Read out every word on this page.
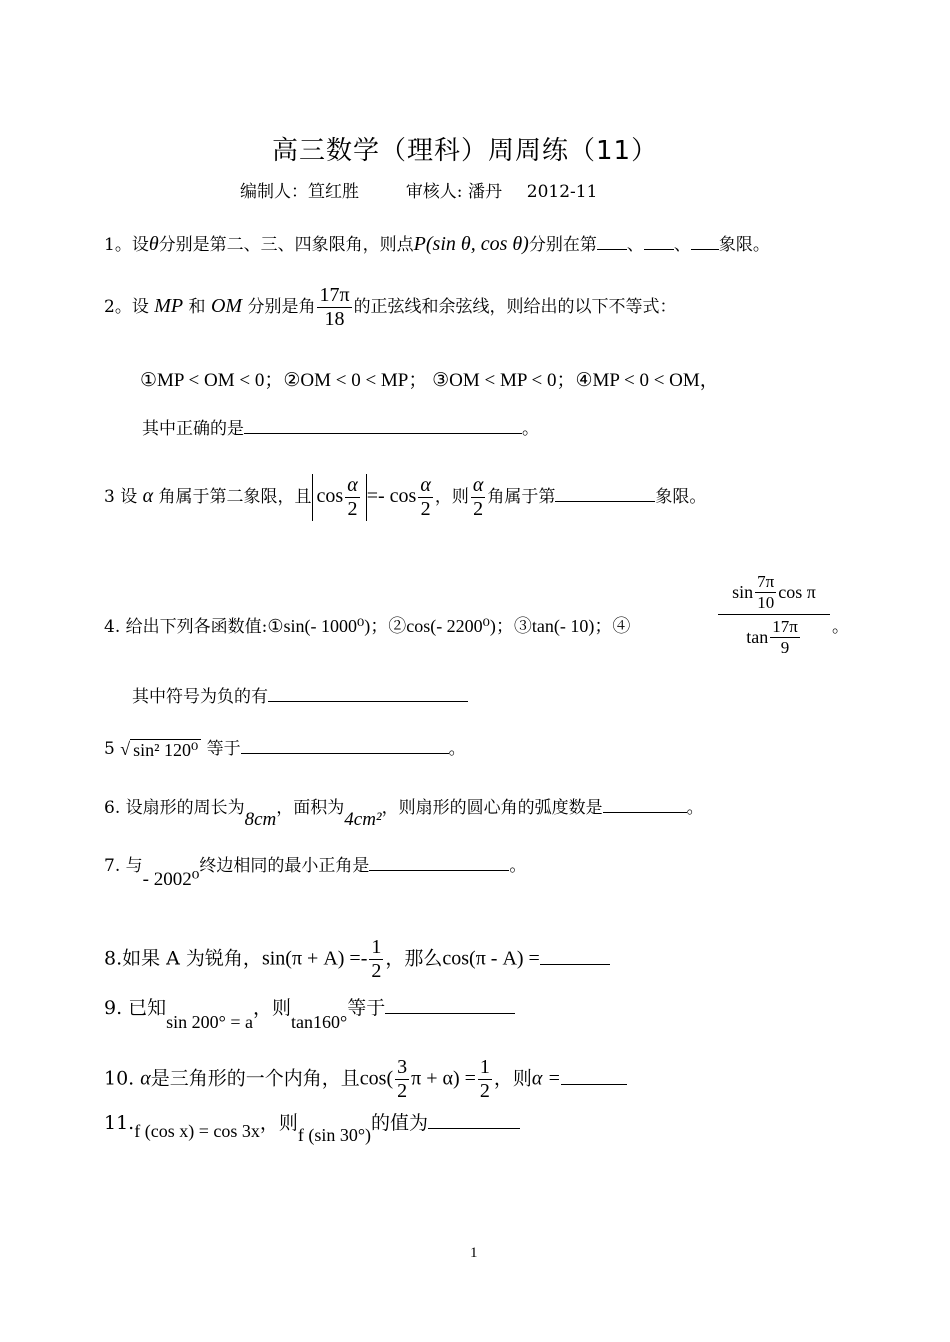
高三数学（理科）周周练（11）
编制人：笪红胜	审核人: 潘丹 2012-11
1。设θ分别是第二、三、四象限角，则点P(sin θ, cos θ)分别在第 、 、 象限。
2。设 MP 和 OM 分别是角 $\frac{17\pi}{18}$ 的正弦线和余弦线，则给出的以下不等式：
①MP < OM < 0；②OM < 0 < MP； ③OM < MP < 0；④MP < 0 < OM，
其中正确的是	。
3 设 α 角属于第二象限，且 $\cos \frac{\alpha}{2} =- \cos \frac{\alpha}{2}$ ，则 $\frac{\alpha}{2}$ 角属于第	象限。
4. 给出下列各函数值:①sin(- 1000⁰)；②cos(- 2200⁰)；③tan(- 10)；④	$\frac{\sin \frac{7\pi}{10} \cos \pi}{\tan \frac{17\pi}{9}}$ 。
其中符号为负的有
5 √ sin² 120⁰ 等于	。
6. 设扇形的周长为8cm，面积为4cm²，则扇形的圆心角的弧度数是	。
7. 与- 2002⁰终边相同的最小正角是	。
8.如果 A 为锐角，$\sin(\pi + A) =- \frac{1}{2}$ ，那么cos(π - A) =
9. 已知sin 200° = a，则tan160°等于
10. α是三角形的一个内角，且$\cos( \frac{3}{2}$ $\pi + \alpha) = \frac{1}{2}$ ，则α =
11.f (cos x) = cos 3x，则f (sin 30°)的值为
1
